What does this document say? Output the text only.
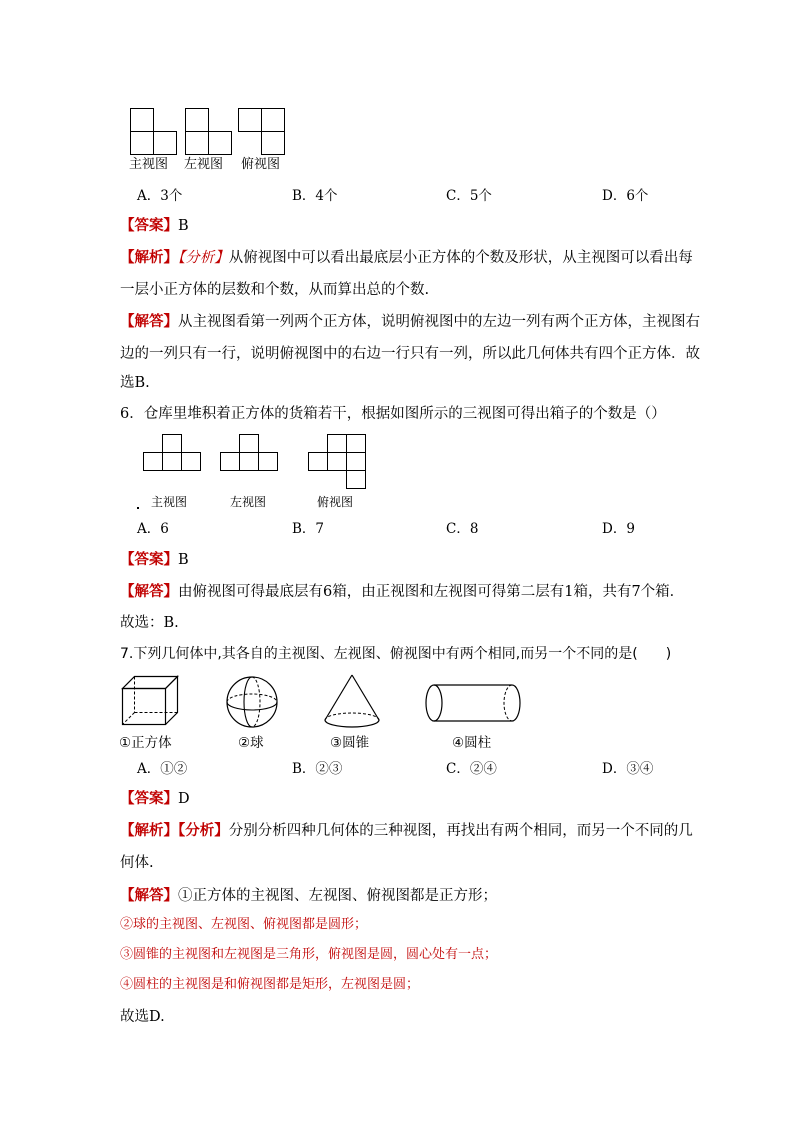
主视图 左视图 俯视图
A．3个	B．4个	C．5个	D．6个
【答案】B
【解析】【分析】从俯视图中可以看出最底层小正方体的个数及形状，从主视图可以看出每
一层小正方体的层数和个数，从而算出总的个数.
【解答】从主视图看第一列两个正方体，说明俯视图中的左边一列有两个正方体，主视图右
边的一列只有一行，说明俯视图中的右边一行只有一列，所以此几何体共有四个正方体．故
选B.
6．仓库里堆积着正方体的货箱若干，根据如图所示的三视图可得出箱子的个数是（）
主视图	左视图	俯视图
A．6	B．7	C．8	D．9
【答案】B
【解答】由俯视图可得最底层有6箱，由正视图和左视图可得第二层有1箱，共有7个箱．
故选：B.
7.下列几何体中,其各自的主视图、左视图、俯视图中有两个相同,而另一个不同的是(　　)
①正方体	②球	③圆锥	④圆柱
A．①②	B．②③	C．②④	D．③④
【答案】D
【解析】【分析】分别分析四种几何体的三种视图，再找出有两个相同，而另一个不同的几
何体.
【解答】①正方体的主视图、左视图、俯视图都是正方形；
②球的主视图、左视图、俯视图都是圆形；
③圆锥的主视图和左视图是三角形，俯视图是圆，圆心处有一点；
④圆柱的主视图是和俯视图都是矩形，左视图是圆；
故选D.
